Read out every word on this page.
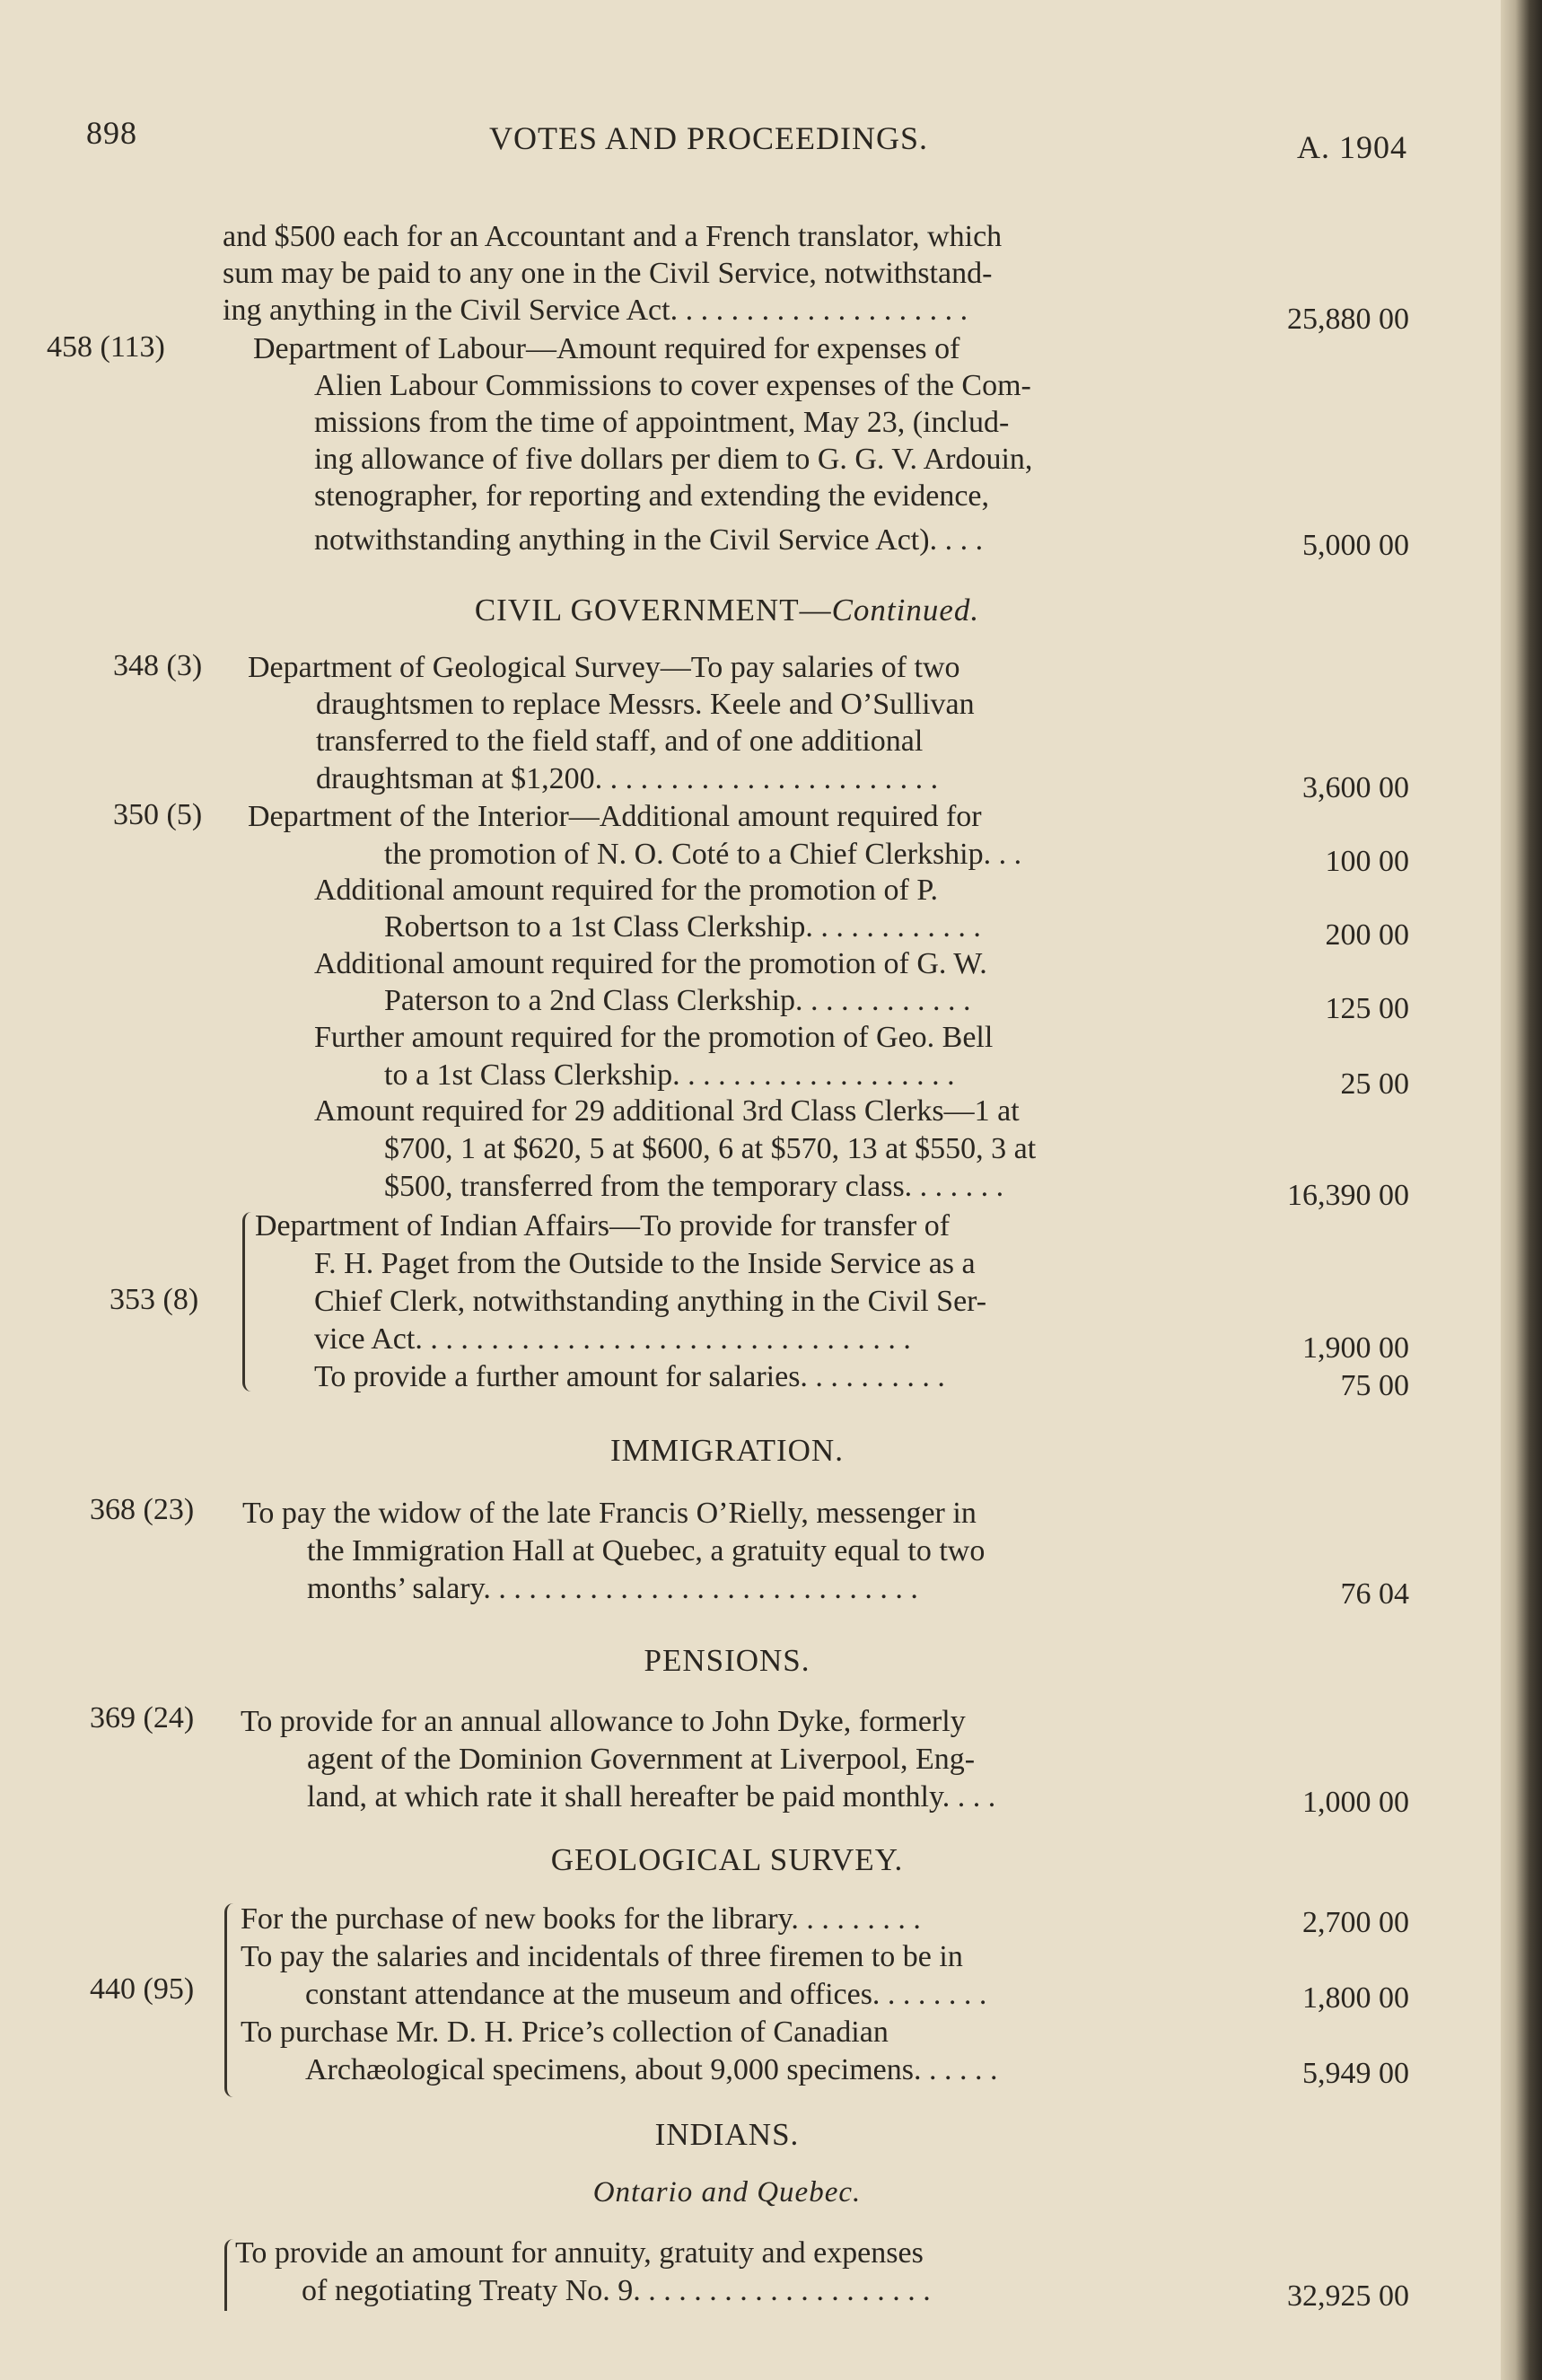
898	VOTES AND PROCEEDINGS.	A. 1904
and $500 each for an Accountant and a French translator, which
sum may be paid to any one in the Civil Service, notwithstand-
ing anything in the Civil Service Act. . . . . . . . . . . . . . . . . . . .	25,880 00
458 (113)	Department of Labour—Amount required for expenses of
Alien Labour Commissions to cover expenses of the Com-
missions from the time of appointment, May 23, (includ-
ing allowance of five dollars per diem to G. G. V. Ardouin,
stenographer, for reporting and extending the evidence,
notwithstanding anything in the Civil Service Act). . . .	5,000 00
CIVIL GOVERNMENT—Continued.
348 (3) Department of Geological Survey—To pay salaries of two
draughtsmen to replace Messrs. Keele and O’Sullivan
transferred to the field staff, and of one additional
draughtsman at $1,200. . . . . . . . . . . . . . . . . . . . . . .	3,600 00
350 (5) Department of the Interior—Additional amount required for
the promotion of N. O. Coté to a Chief Clerkship. . .	100 00
Additional amount required for the promotion of P.
Robertson to a 1st Class Clerkship. . . . . . . . . . . .	200 00
Additional amount required for the promotion of G. W.
Paterson to a 2nd Class Clerkship. . . . . . . . . . . .	125 00
Further amount required for the promotion of Geo. Bell
to a 1st Class Clerkship. . . . . . . . . . . . . . . . . . .	25 00
Amount required for 29 additional 3rd Class Clerks—1 at
$700, 1 at $620, 5 at $600, 6 at $570, 13 at $550, 3 at
$500, transferred from the temporary class. . . . . . .	16,390 00
353 (8)
Department of Indian Affairs—To provide for transfer of
F. H. Paget from the Outside to the Inside Service as a
Chief Clerk, notwithstanding anything in the Civil Ser-
vice Act. . . . . . . . . . . . . . . . . . . . . . . . . . . . . . . . .	1,900 00
To provide a further amount for salaries. . . . . . . . . .	75 00
IMMIGRATION.
368 (23) To pay the widow of the late Francis O’Rielly, messenger in
the Immigration Hall at Quebec, a gratuity equal to two
months’ salary. . . . . . . . . . . . . . . . . . . . . . . . . . . . .	76 04
PENSIONS.
369 (24) To provide for an annual allowance to John Dyke, formerly
agent of the Dominion Government at Liverpool, Eng-
land, at which rate it shall hereafter be paid monthly. . . .	1,000 00
GEOLOGICAL SURVEY.
440 (95)
For the purchase of new books for the library. . . . . . . . .	2,700 00
To pay the salaries and incidentals of three firemen to be in
constant attendance at the museum and offices. . . . . . . .	1,800 00
To purchase Mr. D. H. Price’s collection of Canadian
Archæological specimens, about 9,000 specimens. . . . . .	5,949 00
INDIANS.
Ontario and Quebec.
To provide an amount for annuity, gratuity and expenses
of negotiating Treaty No. 9. . . . . . . . . . . . . . . . . . . .	32,925 00
